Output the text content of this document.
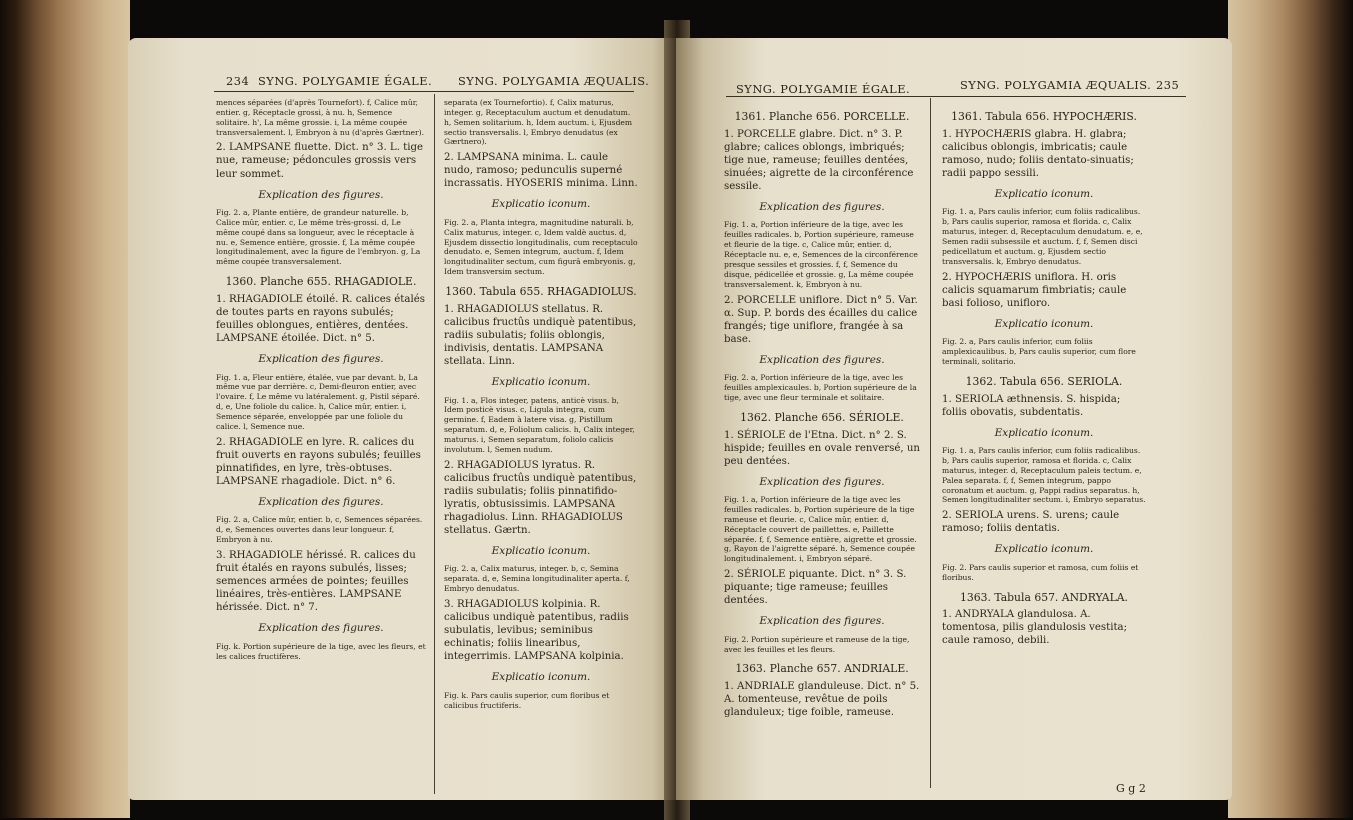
234 SYNG. POLYGAMIE ÉGALE. SYNG. POLYGAMIA ÆQUALIS.

mences séparées (d'après Tournefort). f, Calice mûr, entier. g, Réceptacle grossi, à nu. h, Semence solitaire. h', La même grossie. i, La même coupée transversalement. l, Embryon à nu (d'après Gærtner).

2. LAMPSANE fluette. Dict. n° 3. L. tige nue, rameuse; pédoncules grossis vers leur sommet.

Explication des figures.

Fig. 2. a, Plante entière, de grandeur naturelle. b, Calice mûr, entier. c, Le même très-grossi. d, Le même coupé dans sa longueur, avec le réceptacle à nu. e, Semence entière, grossie. f, La même coupée longitudinalement, avec la figure de l'embryon. g, La même coupée transversalement.

1360. Planche 655. RHAGADIOLE.

1. RHAGADIOLE étoilé. R. calices étalés de toutes parts en rayons subulés; feuilles oblongues, entières, dentées. LAMPSANE étoilée. Dict. n° 5.

Explication des figures.

Fig. 1. a, Fleur entière, étalée, vue par devant. b, La même vue par derrière. c, Demi-fleuron entier, avec l'ovaire. f, Le même vu latéralement. g, Pistil séparé. d, e, Une foliole du calice. h, Calice mûr, entier. i, Semence séparée, enveloppée par une foliole du calice. l, Semence nue.

2. RHAGADIOLE en lyre. R. calices du fruit ouverts en rayons subulés; feuilles pinnatifides, en lyre, très-obtuses. LAMPSANE rhagadiole. Dict. n° 6.

Explication des figures.

Fig. 2. a, Calice mûr, entier. b, c, Semences séparées. d, e, Semences ouvertes dans leur longueur. f, Embryon à nu.

3. RHAGADIOLE hérissé. R. calices du fruit étalés en rayons subulés, lisses; semences armées de pointes; feuilles linéaires, très-entières. LAMPSANE hérissée. Dict. n° 7.

Explication des figures.

Fig. k. Portion supérieure de la tige, avec les fleurs, et les calices fructifères.

separata (ex Tournefortio). f, Calix maturus, integer. g, Receptaculum auctum et denudatum. h, Semen solitarium. h, Idem auctum. i, Ejusdem sectio transversalis. l, Embryo denudatus (ex Gærtnero).

2. LAMPSANA minima. L. caule nudo, ramoso; pedunculis superné incrassatis. HYOSERIS minima. Linn.

Explicatio iconum.

Fig. 2. a, Planta integra, magnitudine naturali. b, Calix maturus, integer. c, Idem valdè auctus. d, Ejusdem dissectio longitudinalis, cum receptaculo denudato. e, Semen integrum, auctum. f, Idem longitudinaliter sectum, cum figurâ embryonis. g, Idem transversim sectum.

1360. Tabula 655. RHAGADIOLUS.

1. RHAGADIOLUS stellatus. R. calicibus fructûs undiquè patentibus, radiis subulatis; foliis oblongis, indivisis, dentatis. LAMPSANA stellata. Linn.

Explicatio iconum.

Fig. 1. a, Flos integer, patens, anticè visus. b, Idem posticè visus. c, Ligula integra, cum germine. f, Eadem à latere visa. g, Pistillum separatum. d, e, Foliolum calicis. h, Calix integer, maturus. i, Semen separatum, foliolo calicis involutum. l, Semen nudum.

2. RHAGADIOLUS lyratus. R. calicibus fructûs undiquè patentibus, radiis subulatis; foliis pinnatifido-lyratis, obtusissimis. LAMPSANA rhagadiolus. Linn. RHAGADIOLUS stellatus. Gærtn.

Explicatio iconum.

Fig. 2. a, Calix maturus, integer. b, c, Semina separata. d, e, Semina longitudinaliter aperta. f, Embryo denudatus.

3. RHAGADIOLUS kolpinia. R. calicibus undiquè patentibus, radiis subulatis, levibus; seminibus echinatis; foliis linearibus, integerrimis. LAMPSANA kolpinia.

Explicatio iconum.

Fig. k. Pars caulis superior, cum floribus et calicibus fructiferis.

SYNG. POLYGAMIE ÉGALE.	SYNG. POLYGAMIA ÆQUALIS. 235

1361. Planche 656. PORCELLE.

1. PORCELLE glabre. Dict. n° 3. P. glabre; calices oblongs, imbriqués; tige nue, rameuse; feuilles dentées, sinuées; aigrette de la circonférence sessile.

Explication des figures.

Fig. 1. a, Portion inférieure de la tige, avec les feuilles radicales. b, Portion supérieure, rameuse et fleurie de la tige. c, Calice mûr, entier. d, Réceptacle nu. e, e, Semences de la circonférence presque sessiles et grossies. f, f, Semence du disque, pédicellée et grossie. g, La même coupée transversalement. k, Embryon à nu.

2. PORCELLE uniflore. Dict n° 5. Var. α. Sup. P. bords des écailles du calice frangés; tige uniflore, frangée à sa base.

Explication des figures.

Fig. 2. a, Portion inférieure de la tige, avec les feuilles amplexicaules. b, Portion supérieure de la tige, avec une fleur terminale et solitaire.

1362. Planche 656. SÉRIOLE.

1. SÉRIOLE de l'Etna. Dict. n° 2. S. hispide; feuilles en ovale renversé, un peu dentées.

Explication des figures.

Fig. 1. a, Portion inférieure de la tige avec les feuilles radicales. b, Portion supérieure de la tige rameuse et fleurie. c, Calice mûr, entier. d, Réceptacle couvert de paillettes. e, Paillette séparée. f, f, Semence entière, aigrette et grossie. g, Rayon de l'aigrette séparé. h, Semence coupée longitudinalement. i, Embryon séparé.

2. SÉRIOLE piquante. Dict. n° 3. S. piquante; tige rameuse; feuilles dentées.

Explication des figures.

Fig. 2. Portion supérieure et rameuse de la tige, avec les feuilles et les fleurs.

1363. Planche 657. ANDRIALE.

1. ANDRIALE glanduleuse. Dict. n° 5. A. tomenteuse, revêtue de poils glanduleux; tige foible, rameuse.

1361. Tabula 656. HYPOCHÆRIS.

1. HYPOCHÆRIS glabra. H. glabra; calicibus oblongis, imbricatis; caule ramoso, nudo; foliis dentato-sinuatis; radii pappo sessili.

Explicatio iconum.

Fig. 1. a, Pars caulis inferior, cum foliis radicalibus. b, Pars caulis superior, ramosa et florida. c, Calix maturus, integer. d, Receptaculum denudatum. e, e, Semen radii subsessile et auctum. f, f, Semen disci pedicellatum et auctum. g, Ejusdem sectio transversalis. k, Embryo denudatus.

2. HYPOCHÆRIS uniflora. H. oris calicis squamarum fimbriatis; caule basi folioso, unifloro.

Explicatio iconum.

Fig. 2. a, Pars caulis inferior, cum foliis amplexicaulibus. b, Pars caulis superior, cum flore terminali, solitario.

1362. Tabula 656. SERIOLA.

1. SERIOLA æthnensis. S. hispida; foliis obovatis, subdentatis.

Explicatio iconum.

Fig. 1. a, Pars caulis inferior, cum foliis radicalibus. b, Pars caulis superior, ramosa et florida. c, Calix maturus, integer. d, Receptaculum paleis tectum. e, Palea separata. f, f, Semen integrum, pappo coronatum et auctum. g, Pappi radius separatus. h, Semen longitudinaliter sectum. i, Embryo separatus.

2. SERIOLA urens. S. urens; caule ramoso; foliis dentatis.

Explicatio iconum.

Fig. 2. Pars caulis superior et ramosa, cum foliis et floribus.

1363. Tabula 657. ANDRYALA.

1. ANDRYALA glandulosa. A. tomentosa, pilis glandulosis vestita; caule ramoso, debili.

G g 2
